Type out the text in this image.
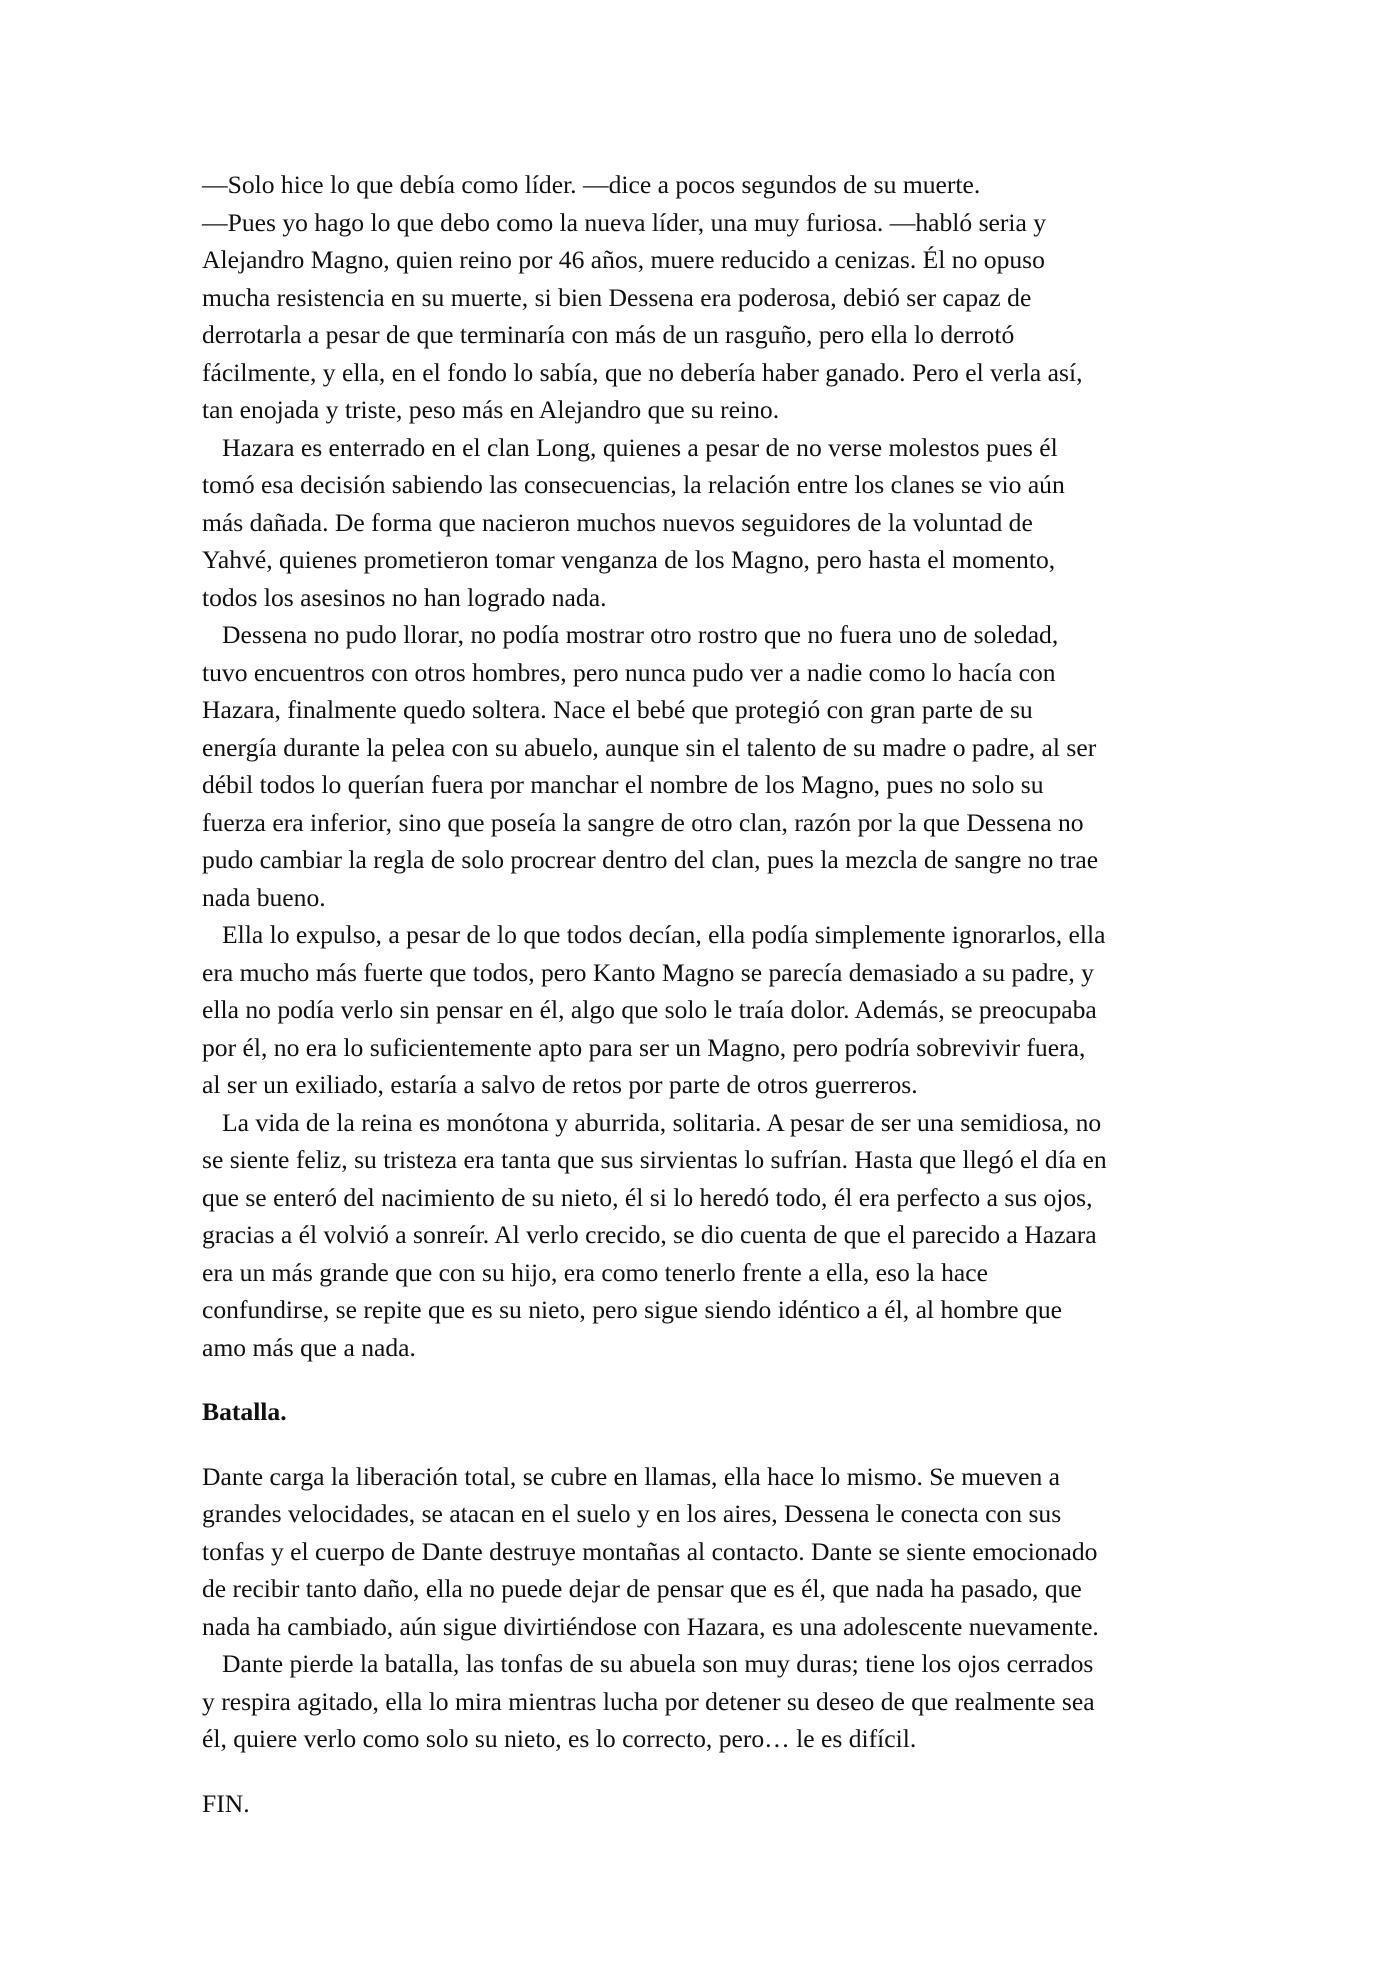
—Solo hice lo que debía como líder. —dice a pocos segundos de su muerte.
—Pues yo hago lo que debo como la nueva líder, una muy furiosa. —habló seria y
Alejandro Magno, quien reino por 46 años, muere reducido a cenizas. Él no opuso
mucha resistencia en su muerte, si bien Dessena era poderosa, debió ser capaz de
derrotarla a pesar de que terminaría con más de un rasguño, pero ella lo derrotó
fácilmente, y ella, en el fondo lo sabía, que no debería haber ganado. Pero el verla así,
tan enojada y triste, peso más en Alejandro que su reino.
Hazara es enterrado en el clan Long, quienes a pesar de no verse molestos pues él
tomó esa decisión sabiendo las consecuencias, la relación entre los clanes se vio aún
más dañada. De forma que nacieron muchos nuevos seguidores de la voluntad de
Yahvé, quienes prometieron tomar venganza de los Magno, pero hasta el momento,
todos los asesinos no han logrado nada.
Dessena no pudo llorar, no podía mostrar otro rostro que no fuera uno de soledad,
tuvo encuentros con otros hombres, pero nunca pudo ver a nadie como lo hacía con
Hazara, finalmente quedo soltera. Nace el bebé que protegió con gran parte de su
energía durante la pelea con su abuelo, aunque sin el talento de su madre o padre, al ser
débil todos lo querían fuera por manchar el nombre de los Magno, pues no solo su
fuerza era inferior, sino que poseía la sangre de otro clan, razón por la que Dessena no
pudo cambiar la regla de solo procrear dentro del clan, pues la mezcla de sangre no trae
nada bueno.
Ella lo expulso, a pesar de lo que todos decían, ella podía simplemente ignorarlos, ella
era mucho más fuerte que todos, pero Kanto Magno se parecía demasiado a su padre, y
ella no podía verlo sin pensar en él, algo que solo le traía dolor. Además, se preocupaba
por él, no era lo suficientemente apto para ser un Magno, pero podría sobrevivir fuera,
al ser un exiliado, estaría a salvo de retos por parte de otros guerreros.
La vida de la reina es monótona y aburrida, solitaria. A pesar de ser una semidiosa, no
se siente feliz, su tristeza era tanta que sus sirvientas lo sufrían. Hasta que llegó el día en
que se enteró del nacimiento de su nieto, él si lo heredó todo, él era perfecto a sus ojos,
gracias a él volvió a sonreír. Al verlo crecido, se dio cuenta de que el parecido a Hazara
era un más grande que con su hijo, era como tenerlo frente a ella, eso la hace
confundirse, se repite que es su nieto, pero sigue siendo idéntico a él, al hombre que
amo más que a nada.
Batalla.
Dante carga la liberación total, se cubre en llamas, ella hace lo mismo. Se mueven a
grandes velocidades, se atacan en el suelo y en los aires, Dessena le conecta con sus
tonfas y el cuerpo de Dante destruye montañas al contacto. Dante se siente emocionado
de recibir tanto daño, ella no puede dejar de pensar que es él, que nada ha pasado, que
nada ha cambiado, aún sigue divirtiéndose con Hazara, es una adolescente nuevamente.
Dante pierde la batalla, las tonfas de su abuela son muy duras; tiene los ojos cerrados
y respira agitado, ella lo mira mientras lucha por detener su deseo de que realmente sea
él, quiere verlo como solo su nieto, es lo correcto, pero… le es difícil.
FIN.
